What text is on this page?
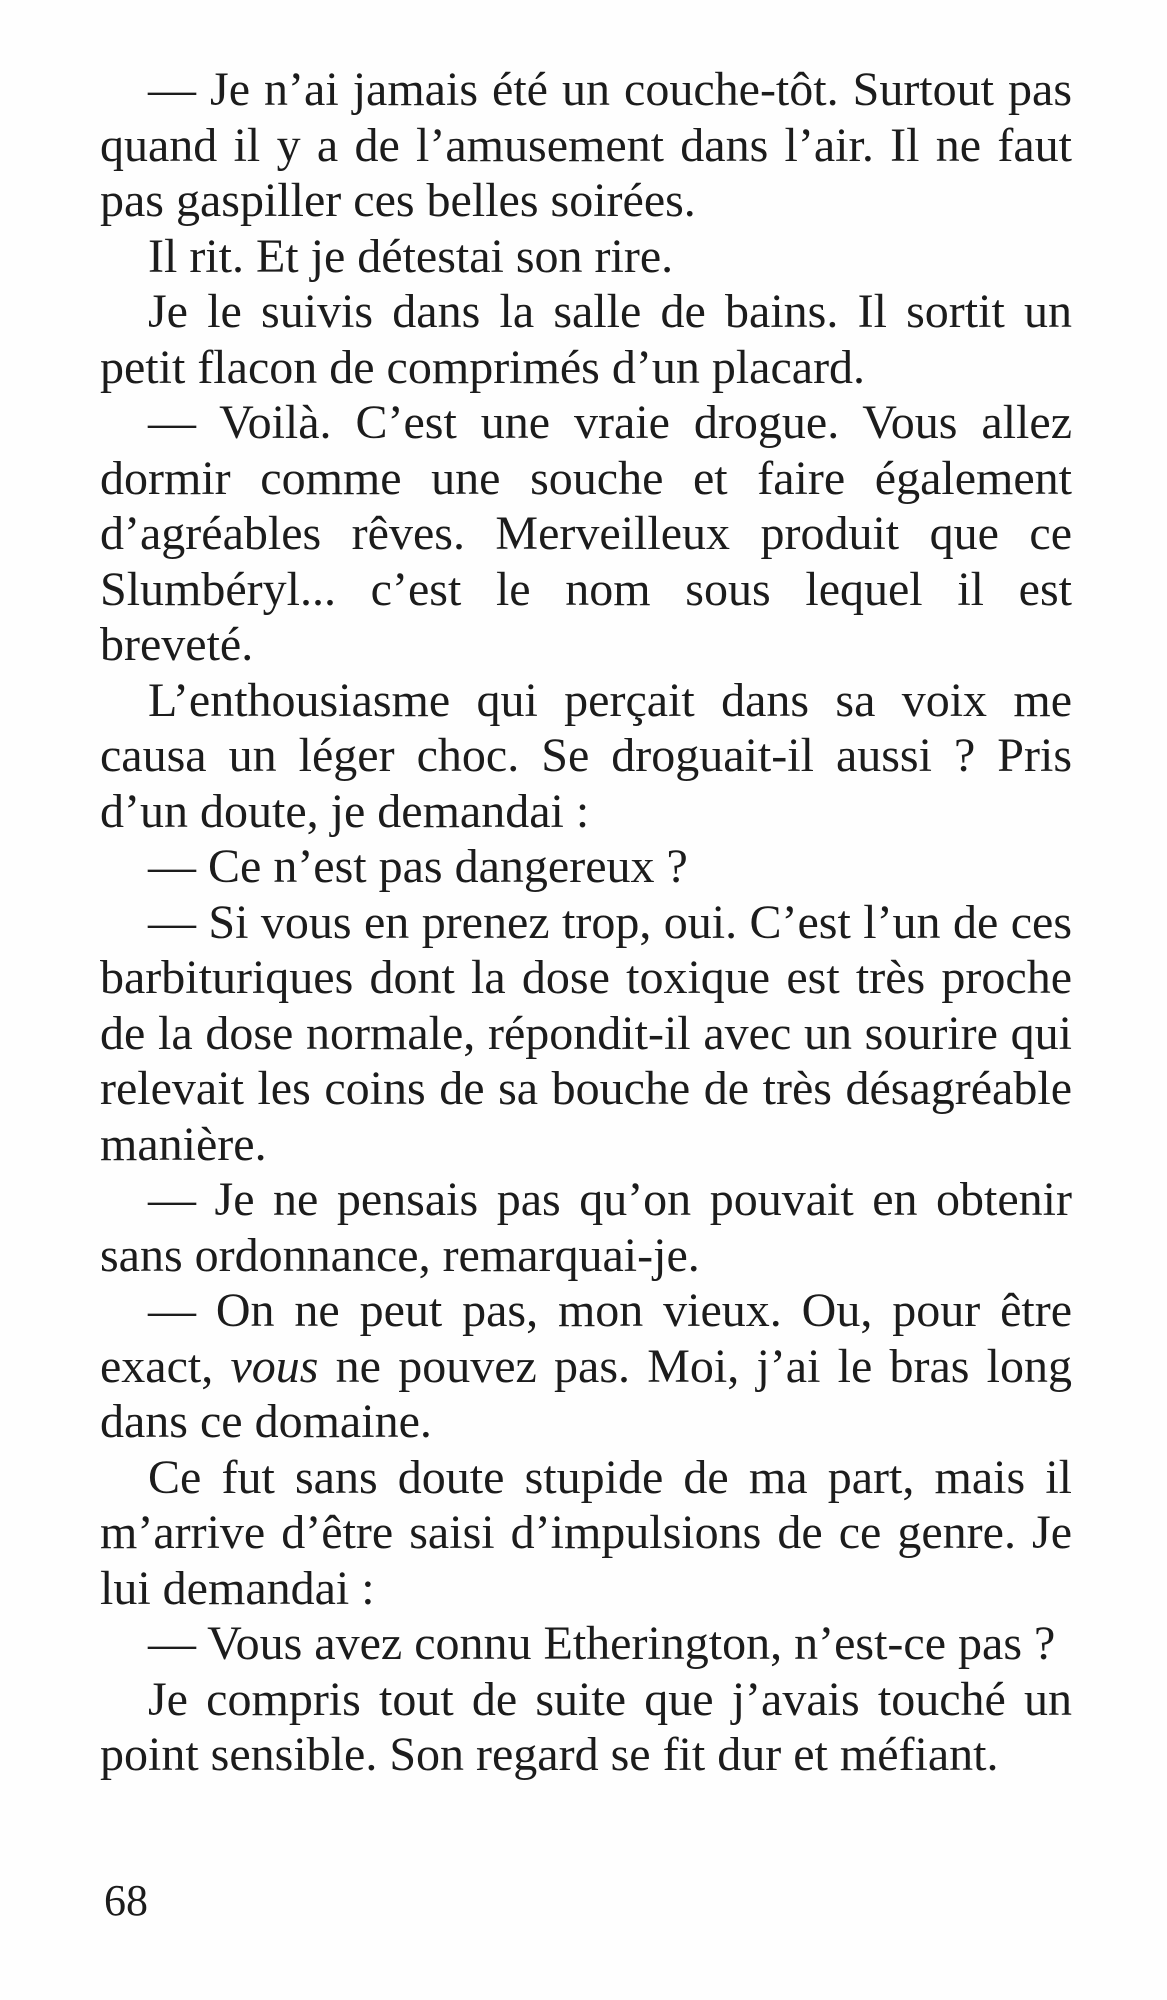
— Je n’ai jamais été un couche-tôt. Surtout pas quand il y a de l’amusement dans l’air. Il ne faut pas gaspiller ces belles soirées.

Il rit. Et je détestai son rire.

Je le suivis dans la salle de bains. Il sortit un petit flacon de comprimés d’un placard.

— Voilà. C’est une vraie drogue. Vous allez dormir comme une souche et faire également d’agréables rêves. Merveilleux produit que ce Slumbéryl... c’est le nom sous lequel il est breveté.

L’enthousiasme qui perçait dans sa voix me causa un léger choc. Se droguait-il aussi ? Pris d’un doute, je demandai :

— Ce n’est pas dangereux ?

— Si vous en prenez trop, oui. C’est l’un de ces barbituriques dont la dose toxique est très proche de la dose normale, répondit-il avec un sourire qui relevait les coins de sa bouche de très désagréable manière.

— Je ne pensais pas qu’on pouvait en obtenir sans ordonnance, remarquai-je.

— On ne peut pas, mon vieux. Ou, pour être exact, vous ne pouvez pas. Moi, j’ai le bras long dans ce domaine.

Ce fut sans doute stupide de ma part, mais il m’arrive d’être saisi d’impulsions de ce genre. Je lui demandai :

— Vous avez connu Etherington, n’est-ce pas ?

Je compris tout de suite que j’avais touché un point sensible. Son regard se fit dur et méfiant.

68
